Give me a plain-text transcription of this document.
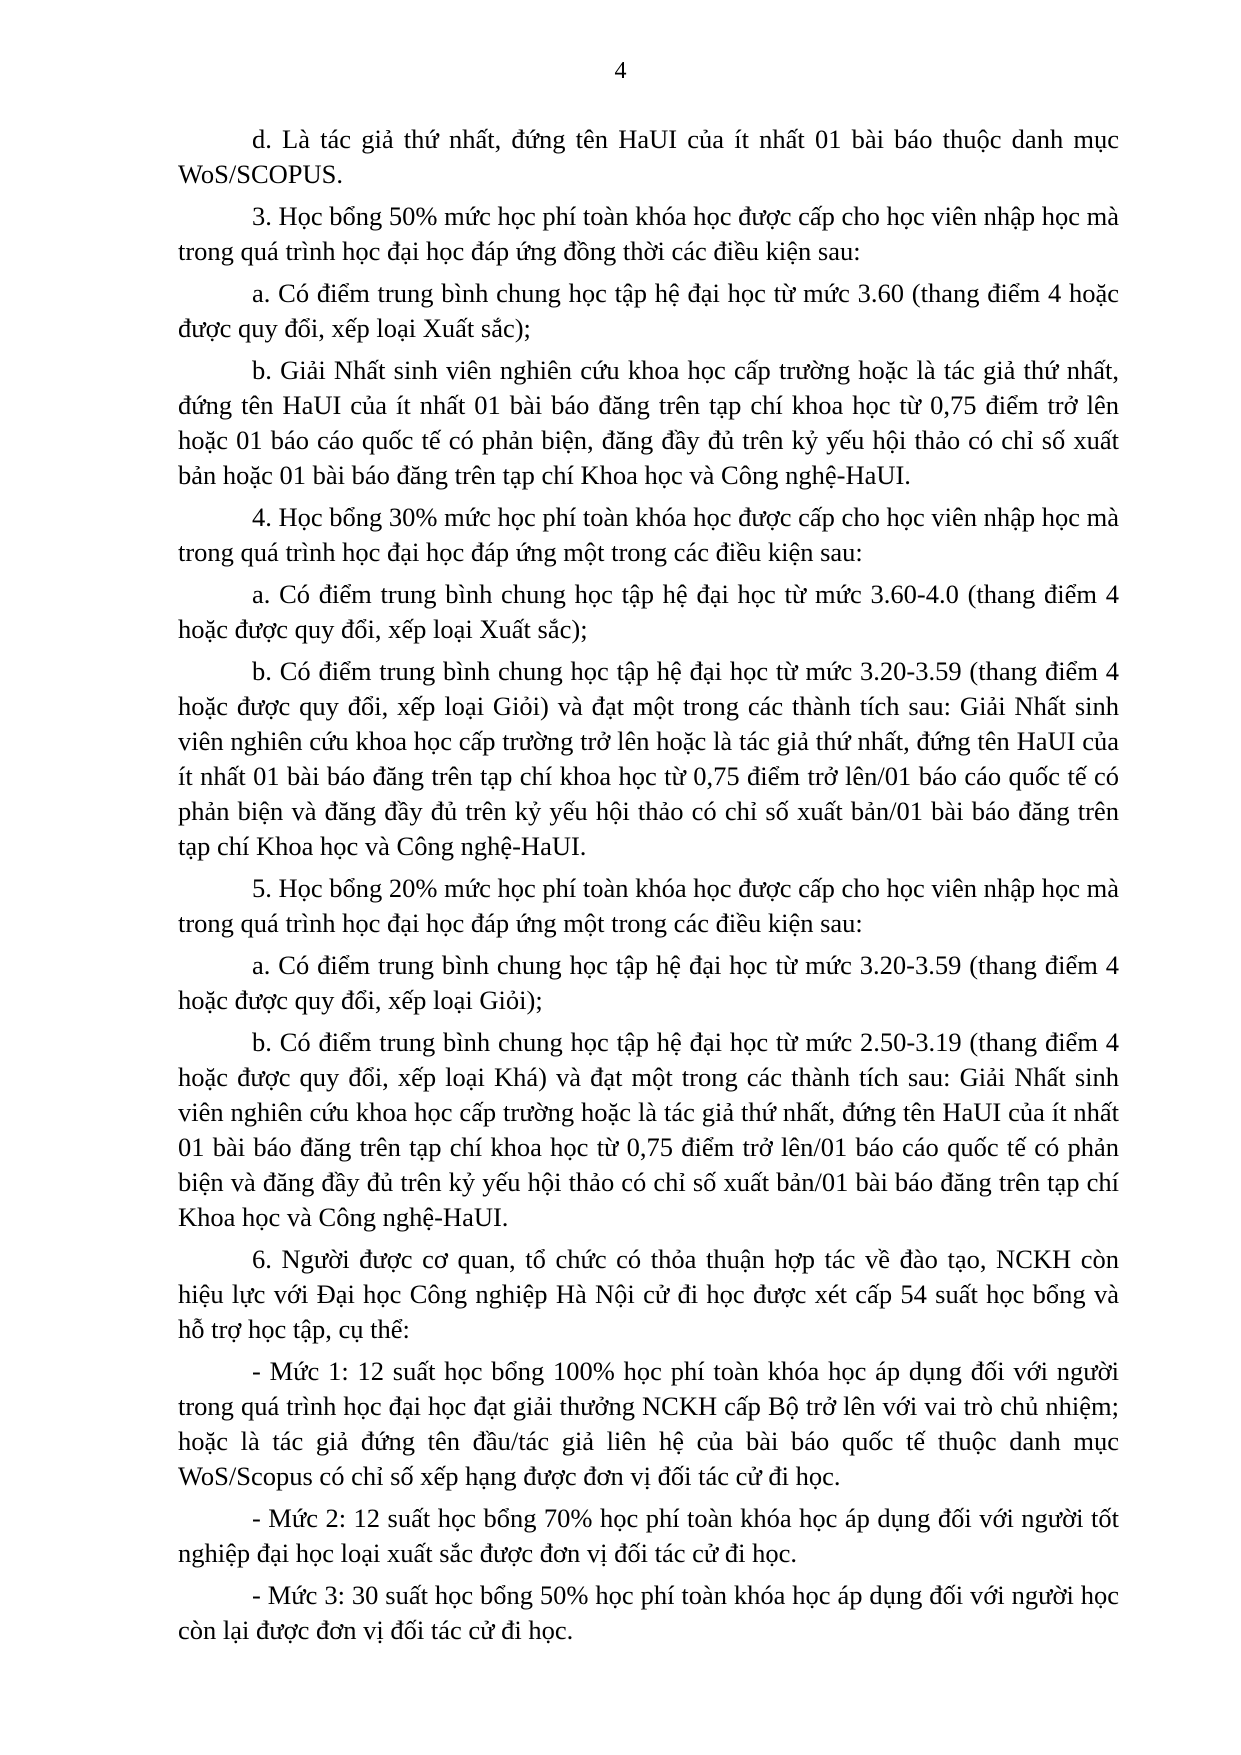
4

d. Là tác giả thứ nhất, đứng tên HaUI của ít nhất 01 bài báo thuộc danh mục WoS/SCOPUS.

3. Học bổng 50% mức học phí toàn khóa học được cấp cho học viên nhập học mà trong quá trình học đại học đáp ứng đồng thời các điều kiện sau:

a. Có điểm trung bình chung học tập hệ đại học từ mức 3.60 (thang điểm 4 hoặc được quy đổi, xếp loại Xuất sắc);

b. Giải Nhất sinh viên nghiên cứu khoa học cấp trường hoặc là tác giả thứ nhất, đứng tên HaUI của ít nhất 01 bài báo đăng trên tạp chí khoa học từ 0,75 điểm trở lên hoặc 01 báo cáo quốc tế có phản biện, đăng đầy đủ trên kỷ yếu hội thảo có chỉ số xuất bản hoặc 01 bài báo đăng trên tạp chí Khoa học và Công nghệ-HaUI.

4. Học bổng 30% mức học phí toàn khóa học được cấp cho học viên nhập học mà trong quá trình học đại học đáp ứng một trong các điều kiện sau:

a. Có điểm trung bình chung học tập hệ đại học từ mức 3.60-4.0 (thang điểm 4 hoặc được quy đổi, xếp loại Xuất sắc);

b. Có điểm trung bình chung học tập hệ đại học từ mức 3.20-3.59 (thang điểm 4 hoặc được quy đổi, xếp loại Giỏi) và đạt một trong các thành tích sau: Giải Nhất sinh viên nghiên cứu khoa học cấp trường trở lên hoặc là tác giả thứ nhất, đứng tên HaUI của ít nhất 01 bài báo đăng trên tạp chí khoa học từ 0,75 điểm trở lên/01 báo cáo quốc tế có phản biện và đăng đầy đủ trên kỷ yếu hội thảo có chỉ số xuất bản/01 bài báo đăng trên tạp chí Khoa học và Công nghệ-HaUI.

5. Học bổng 20% mức học phí toàn khóa học được cấp cho học viên nhập học mà trong quá trình học đại học đáp ứng một trong các điều kiện sau:

a. Có điểm trung bình chung học tập hệ đại học từ mức 3.20-3.59 (thang điểm 4 hoặc được quy đổi, xếp loại Giỏi);

b. Có điểm trung bình chung học tập hệ đại học từ mức 2.50-3.19 (thang điểm 4 hoặc được quy đổi, xếp loại Khá) và đạt một trong các thành tích sau: Giải Nhất sinh viên nghiên cứu khoa học cấp trường hoặc là tác giả thứ nhất, đứng tên HaUI của ít nhất 01 bài báo đăng trên tạp chí khoa học từ 0,75 điểm trở lên/01 báo cáo quốc tế có phản biện và đăng đầy đủ trên kỷ yếu hội thảo có chỉ số xuất bản/01 bài báo đăng trên tạp chí Khoa học và Công nghệ-HaUI.

6. Người được cơ quan, tổ chức có thỏa thuận hợp tác về đào tạo, NCKH còn hiệu lực với Đại học Công nghiệp Hà Nội cử đi học được xét cấp 54 suất học bổng và hỗ trợ học tập, cụ thể:

- Mức 1: 12 suất học bổng 100% học phí toàn khóa học áp dụng đối với người trong quá trình học đại học đạt giải thưởng NCKH cấp Bộ trở lên với vai trò chủ nhiệm; hoặc là tác giả đứng tên đầu/tác giả liên hệ của bài báo quốc tế thuộc danh mục WoS/Scopus có chỉ số xếp hạng được đơn vị đối tác cử đi học.

- Mức 2: 12 suất học bổng 70% học phí toàn khóa học áp dụng đối với người tốt nghiệp đại học loại xuất sắc được đơn vị đối tác cử đi học.

- Mức 3: 30 suất học bổng 50% học phí toàn khóa học áp dụng đối với người học còn lại được đơn vị đối tác cử đi học.
